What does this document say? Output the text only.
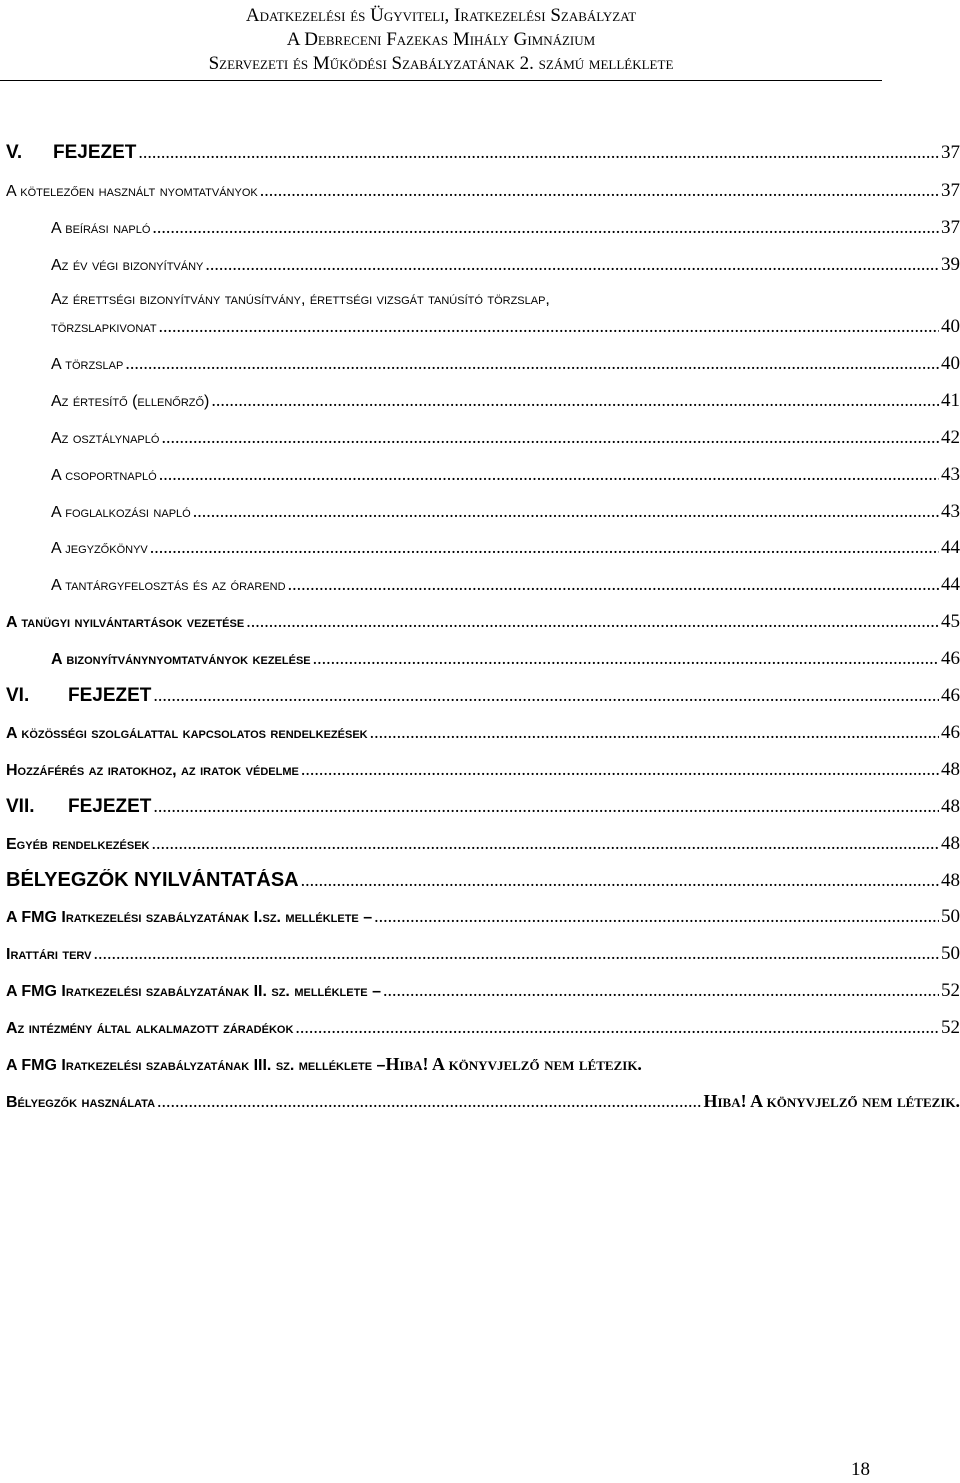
Adatkezelési és Ügyviteli, Iratkezelési Szabályzat
A Debreceni Fazekas Mihály Gimnázium
Szervezeti és Működési Szabályzatának 2. számú melléklete
V. FEJEZET .....	37
A kötelezően használt nyomtatványok .....	37
A beírási napló .....	37
Az év végi bizonyítvány .....	39
Az érettségi bizonyítvány tanúsítvány, érettségi vizsgát tanúsító törzslap,
törzslapkivonat .....	40
A törzslap .....	40
Az értesítő (ellenőrző) .....	41
Az osztálynapló .....	42
A csoportnapló .....	43
A foglalkozási napló .....	43
A jegyzőkönyv .....	44
A tantárgyfelosztás és az órarend .....	44
A tanügyi nyilvántartások vezetése .....	45
A bizonyítványnyomtatványok kezelése .....	46
VI. FEJEZET .....	46
A közösségi szolgálattal kapcsolatos rendelkezések .....	46
Hozzáférés az iratokhoz, az iratok védelme .....	48
VII. FEJEZET .....	48
Egyéb rendelkezések .....	48
BÉLYEGZŐK NYILVÁNTATÁSA .....	48
A FMG Iratkezelési szabályzatának I.sz. melléklete – .....	50
Irattári terv .....	50
A FMG Iratkezelési szabályzatának II. sz. melléklete – .....	52
Az intézmény által alkalmazott záradékok .....	52
A FMG Iratkezelési szabályzatának III. sz. melléklete – Hiba! A könyvjelző nem létezik.
Bélyegzők használata .....	Hiba! A könyvjelző nem létezik.
18
